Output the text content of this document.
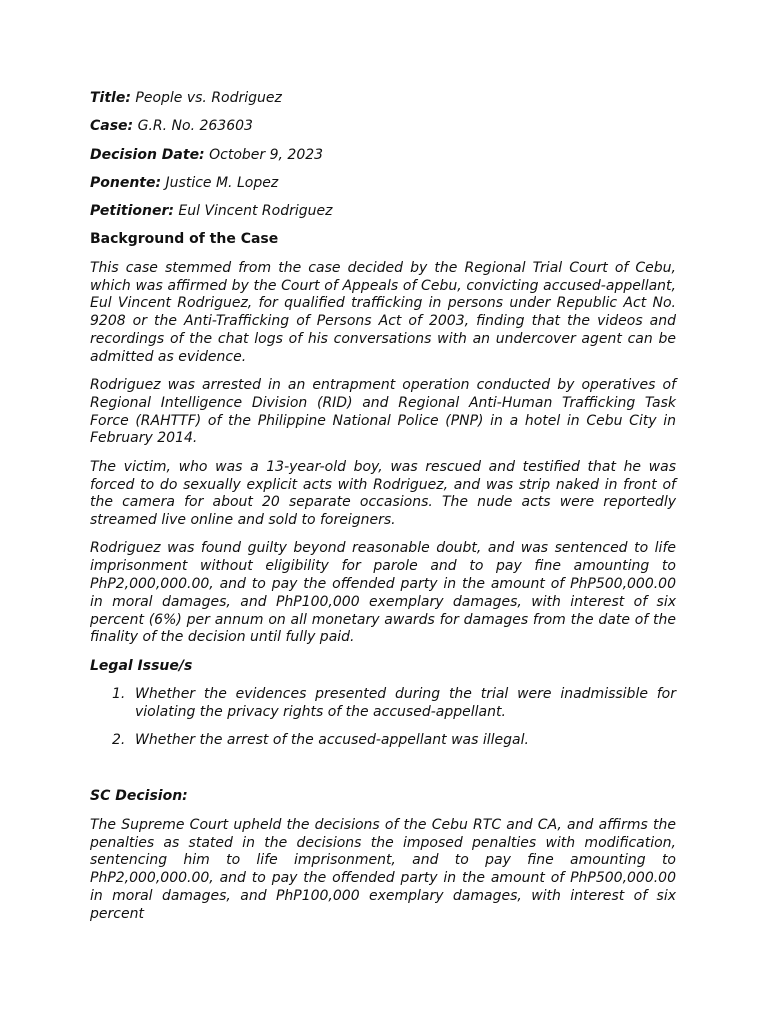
Title: People vs. Rodriguez
Case: G.R. No. 263603
Decision Date: October 9, 2023
Ponente: Justice M. Lopez
Petitioner: Eul Vincent Rodriguez
Background of the Case

This case stemmed from the case decided by the Regional Trial Court of Cebu, which was affirmed by the Court of Appeals of Cebu, convicting accused-appellant, Eul Vincent Rodriguez, for qualified trafficking in persons under Republic Act No. 9208 or the Anti-Trafficking of Persons Act of 2003, finding that the videos and recordings of the chat logs of his conversations with an undercover agent can be admitted as evidence.

Rodriguez was arrested in an entrapment operation conducted by operatives of Regional Intelligence Division (RID) and Regional Anti-Human Trafficking Task Force (RAHTTF) of the Philippine National Police (PNP) in a hotel in Cebu City in February 2014.

The victim, who was a 13-year-old boy, was rescued and testified that he was forced to do sexually explicit acts with Rodriguez, and was strip naked in front of the camera for about 20 separate occasions. The nude acts were reportedly streamed live online and sold to foreigners.

Rodriguez was found guilty beyond reasonable doubt, and was sentenced to life imprisonment without eligibility for parole and to pay fine amounting to PhP2,000,000.00, and to pay the offended party in the amount of PhP500,000.00 in moral damages, and PhP100,000 exemplary damages, with interest of six percent (6%) per annum on all monetary awards for damages from the date of the finality of the decision until fully paid.

Legal Issue/s
1. Whether the evidences presented during the trial were inadmissible for violating the privacy rights of the accused-appellant.
2. Whether the arrest of the accused-appellant was illegal.
SC Decision:

The Supreme Court upheld the decisions of the Cebu RTC and CA, and affirms the penalties as stated in the decisions the imposed penalties with modification, sentencing him to life imprisonment, and to pay fine amounting to PhP2,000,000.00, and to pay the offended party in the amount of PhP500,000.00 in moral damages, and PhP100,000 exemplary damages, with interest of six percent
